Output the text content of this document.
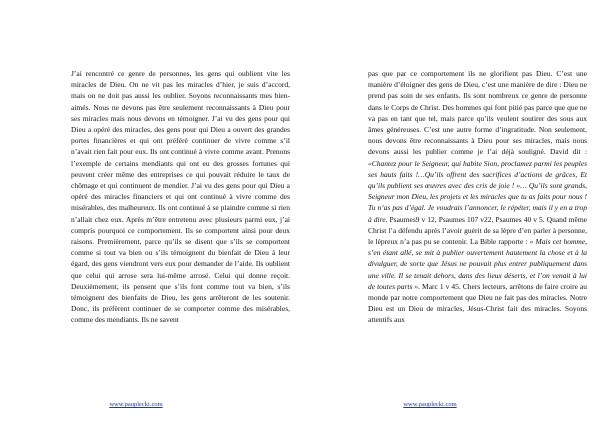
J’ai rencontré ce genre de personnes, les gens qui oublient vite les miracles de Dieu. On ne vit pas les miracles d’hier, je suis d’accord, mais on ne doit pas aussi les oublier. Soyons reconnaissants mes bien-aimés. Nous ne devons pas être seulement reconnaissants à Dieu pour ses miracles mais nous devons en témoigner. J’ai vu des gens pour qui Dieu a opéré des miracles, des gens pour qui Dieu a ouvert des grandes portes financières et qui ont préféré continuer de vivre comme s’il n’avait rien fait pour eux. Ils ont continué à vivre comme avant. Prenons l’exemple de certains mendiants qui ont eu des grosses fortunes qui peuvent créer même des entreprises ce qui pouvait réduire le taux de chômage et qui continuent de mendier. J’ai vu des gens pour qui Dieu a opéré des miracles financiers et qui ont continué à vivre comme des misérables, des malheureux. Ils ont continué à se plaindre comme si rien n’allait chez eux. Après m’être entretenu avec plusieurs parmi eux, j’ai compris pourquoi ce comportement. Ils se comportent ainsi pour deux raisons. Premièrement, parce qu’ils se disent que s’ils se comportent comme si tout va bien ou s’ils témoignent du bienfait de Dieu à leur égard, des gens viendront vers eux pour demander de l’aide. Ils oublient que celui qui arrose sera lui-même arrosé. Celui qui donne reçoit. Deuxièmement, ils pensent que s’ils font comme tout va bien, s’ils témoignent des bienfaits de Dieu, les gens arrêteront de les soutenir. Donc, ils préfèrent continuer de se comporter comme des misérables, comme des mendiants. Ils ne savent

www.pauplecki.com

pas que par ce comportement ils ne glorifient pas Dieu. C’est une manière d’éloigner des gens de Dieu, c’est une manière de dire : Dieu ne prend pas soin de ses enfants. Ils sont nombreux ce genre de personne dans le Corps de Christ. Des hommes qui font pitié pas parce que que ne va pas en tant que tel, mais parce qu’ils veulent soutirer des sous aux âmes généreuses. C’est une autre forme d’ingratitude. Non seulement, nous devons être reconnaissants à Dieu pour ses miracles, mais nous devons aussi les publier comme je l’ai déjà souligné. David dit : «Chantez pour le Seigneur, qui habite Sion, proclamez parmi les peuples ses hauts faits !…Qu’ils offrent des sacrifices d’actions de grâces, Et qu’ils publient ses œuvres avec des cris de joie ! »… Qu’ils sont grands, Seigneur mon Dieu, les projets et les miracles que tu as faits pour nous ! Tu n’as pas d’égal. Je voudrais l’annoncer, le répéter, mais il y en a trop à dire. Psaumes9 v 12, Psaumes 107 v22, Psaumes 40 v 5. Quand même Christ l’a défendu après l’avoir guérit de sa lèpre d’en parler à personne, le lépreux n’a pas pu se contenir. La Bible rapporte : « Mais cet homme, s’en étant allé, se mit à publier ouvertement hautement la chose et à la divulguer, de sorte que Jésus ne pouvait plus entrer publiquement dans une ville. Il se tenait dehors, dans des lieux déserts, et l’on venait à lui de toutes parts ». Marc 1 v 45. Chers lecteurs, arrêtons de faire croire au monde par notre comportement que Dieu ne fait pas des miracles. Notre Dieu est un Dieu de miracles, Jésus-Christ fait des miracles. Soyons attentifs aux

www.pauplecki.com
